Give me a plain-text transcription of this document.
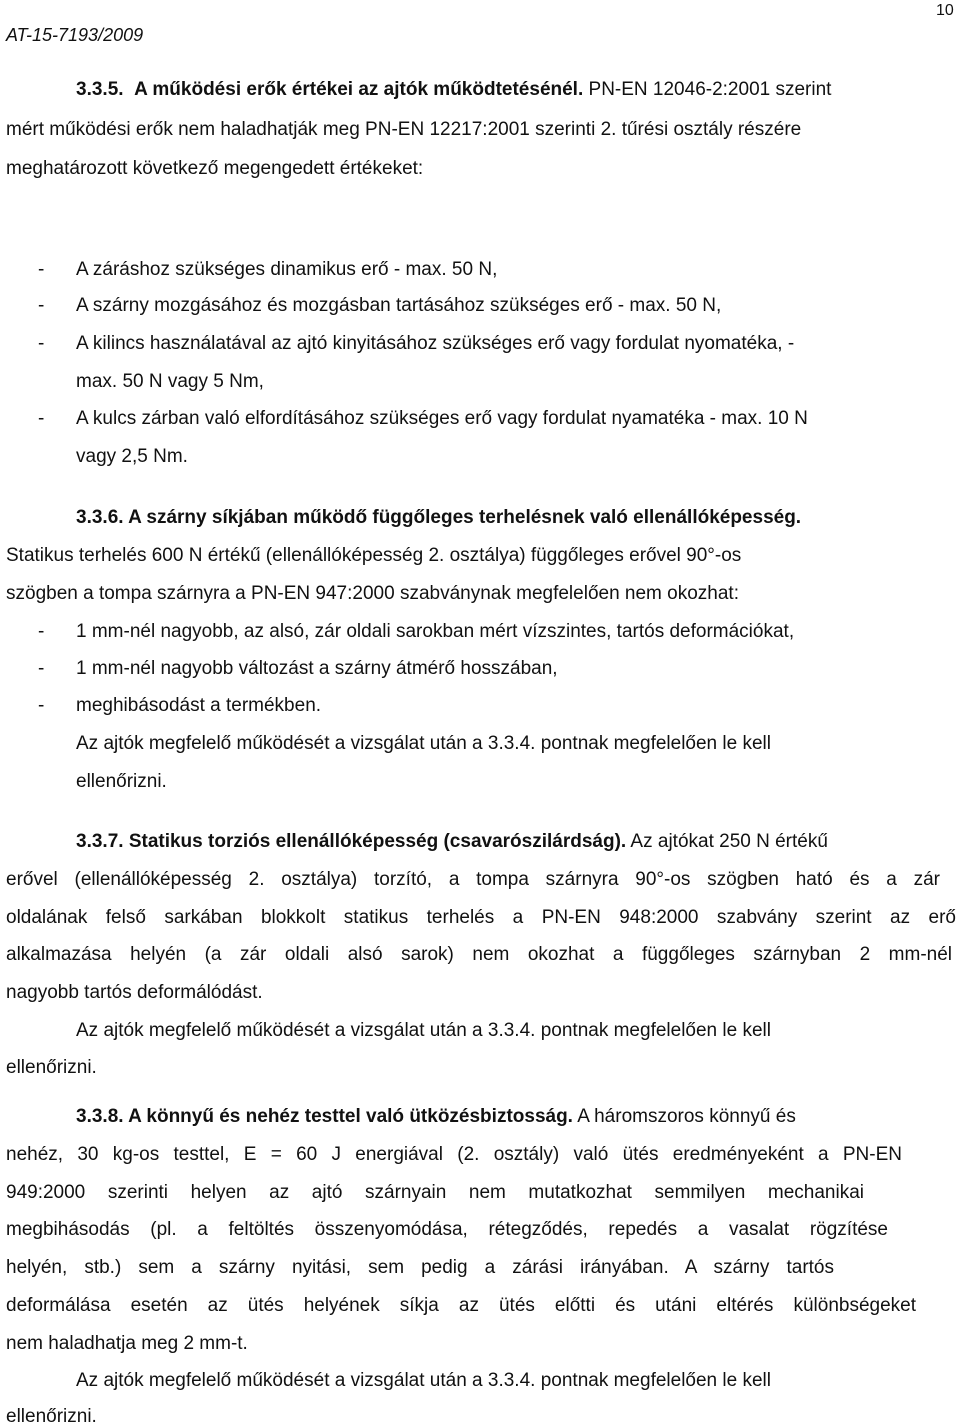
AT-15-7193/2009
10
3.3.5. A működési erők értékei az ajtók működtetésénél. PN-EN 12046-2:2001 szerint
mért működési erők nem haladhatják meg PN-EN 12217:2001 szerinti 2. tűrési osztály részére
meghatározott következő megengedett értékeket:
- A záráshoz szükséges dinamikus erő - max. 50 N,
- A szárny mozgásához és mozgásban tartásához szükséges erő - max. 50 N,
- A kilincs használatával az ajtó kinyitásához szükséges erő vagy fordulat nyomatéka, -
max. 50 N vagy 5 Nm,
- A kulcs zárban való elfordításához szükséges erő vagy fordulat nyamatéka - max. 10 N
vagy 2,5 Nm.
3.3.6. A szárny síkjában működő függőleges terhelésnek való ellenállóképesség.
Statikus terhelés 600 N értékű (ellenállóképesség 2. osztálya) függőleges erővel 90°-os
szögben a tompa szárnyra a PN-EN 947:2000 szabványnak megfelelően nem okozhat:
- 1 mm-nél nagyobb, az alsó, zár oldali sarokban mért vízszintes, tartós deformációkat,
- 1 mm-nél nagyobb változást a szárny átmérő hosszában,
- meghibásodást a termékben.
Az ajtók megfelelő működését a vizsgálat után a 3.3.4. pontnak megfelelően le kell
ellenőrizni.
3.3.7. Statikus torziós ellenállóképesség (csavarószilárdság). Az ajtókat 250 N értékű
erővel (ellenállóképesség 2. osztálya) torzító, a tompa szárnyra 90°-os szögben ható és a zár
oldalának felső sarkában blokkolt statikus terhelés a PN-EN 948:2000 szabvány szerint az erő
alkalmazása helyén (a zár oldali alsó sarok) nem okozhat a függőleges szárnyban 2 mm-nél
nagyobb tartós deformálódást.
Az ajtók megfelelő működését a vizsgálat után a 3.3.4. pontnak megfelelően le kell
ellenőrizni.
3.3.8. A könnyű és nehéz testtel való ütközésbiztosság. A háromszoros könnyű és
nehéz, 30 kg-os testtel, E = 60 J energiával (2. osztály) való ütés eredményeként a PN-EN
949:2000 szerinti helyen az ajtó szárnyain nem mutatkozhat semmilyen mechanikai
megbihásodás (pl. a feltöltés összenyomódása, rétegződés, repedés a vasalat rögzítése
helyén, stb.) sem a szárny nyitási, sem pedig a zárási irányában. A szárny tartós
deformálása esetén az ütés helyének síkja az ütés előtti és utáni eltérés különbségeket
nem haladhatja meg 2 mm-t.
Az ajtók megfelelő működését a vizsgálat után a 3.3.4. pontnak megfelelően le kell
ellenőrizni.
